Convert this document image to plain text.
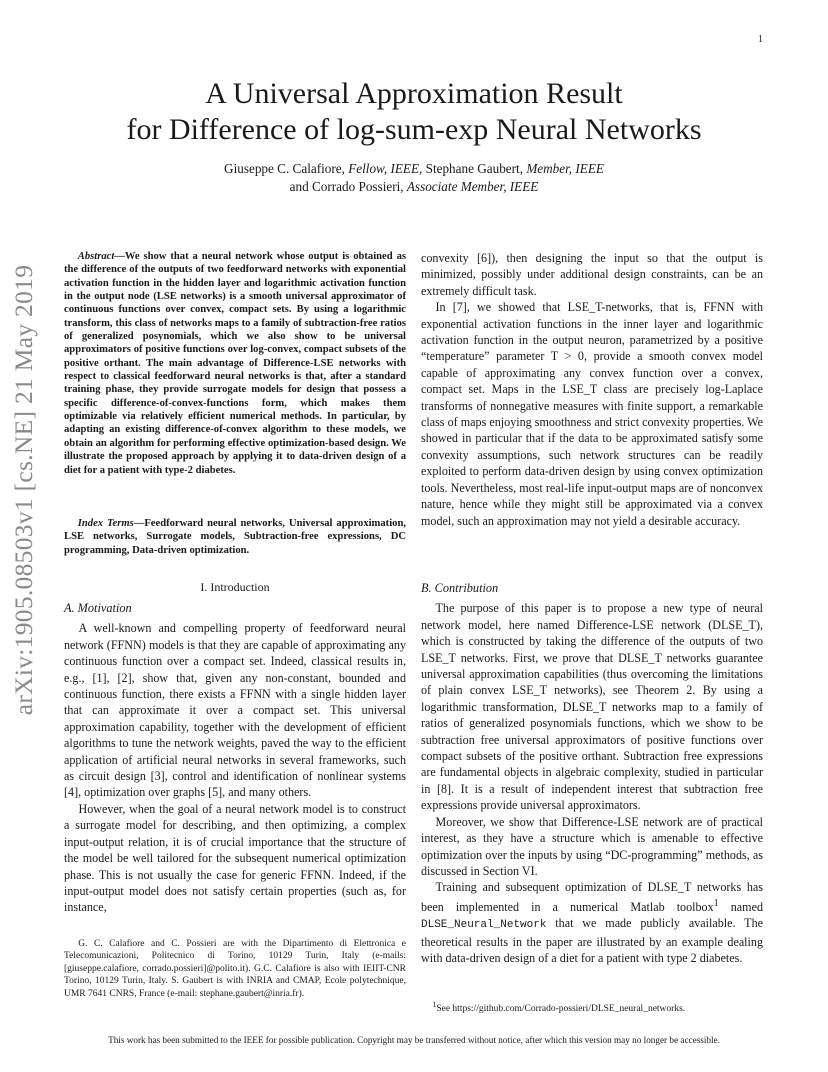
1
arXiv:1905.08503v1 [cs.NE] 21 May 2019
A Universal Approximation Result
for Difference of log-sum-exp Neural Networks
Giuseppe C. Calafiore, Fellow, IEEE, Stephane Gaubert, Member, IEEE
and Corrado Possieri, Associate Member, IEEE
Abstract—We show that a neural network whose output is obtained as the difference of the outputs of two feedforward networks with exponential activation function in the hidden layer and logarithmic activation function in the output node (LSE networks) is a smooth universal approximator of continuous functions over convex, compact sets. By using a logarithmic transform, this class of networks maps to a family of subtraction-free ratios of generalized posynomials, which we also show to be universal approximators of positive functions over log-convex, compact subsets of the positive orthant. The main advantage of Difference-LSE networks with respect to classical feedforward neural networks is that, after a standard training phase, they provide surrogate models for design that possess a specific difference-of-convex-functions form, which makes them optimizable via relatively efficient numerical methods. In particular, by adapting an existing difference-of-convex algorithm to these models, we obtain an algorithm for performing effective optimization-based design. We illustrate the proposed approach by applying it to data-driven design of a diet for a patient with type-2 diabetes.
Index Terms—Feedforward neural networks, Universal approximation, LSE networks, Surrogate models, Subtraction-free expressions, DC programming, Data-driven optimization.
I. Introduction
A. Motivation

A well-known and compelling property of feedforward neural network (FFNN) models is that they are capable of approximating any continuous function over a compact set. Indeed, classical results in, e.g., [1], [2], show that, given any non-constant, bounded and continuous function, there exists a FFNN with a single hidden layer that can approximate it over a compact set. This universal approximation capability, together with the development of efficient algorithms to tune the network weights, paved the way to the efficient application of artificial neural networks in several frameworks, such as circuit design [3], control and identification of nonlinear systems [4], optimization over graphs [5], and many others.

However, when the goal of a neural network model is to construct a surrogate model for describing, and then optimizing, a complex input-output relation, it is of crucial importance that the structure of the model be well tailored for the subsequent numerical optimization phase. This is not usually the case for generic FFNN. Indeed, if the input-output model does not satisfy certain properties (such as, for instance,

G. C. Calafiore and C. Possieri are with the Dipartimento di Elettronica e Telecomunicazioni, Politecnico di Torino, 10129 Turin, Italy (e-mails: [giuseppe.calafiore, corrado.possieri]@polito.it). G.C. Calafiore is also with IEIIT-CNR Torino, 10129 Turin, Italy. S. Gaubert is with INRIA and CMAP, Ecole polytechnique, UMR 7641 CNRS, France (e-mail: stephane.gaubert@inria.fr).

convexity [6]), then designing the input so that the output is minimized, possibly under additional design constraints, can be an extremely difficult task.

In [7], we showed that LSE_T-networks, that is, FFNN with exponential activation functions in the inner layer and logarithmic activation function in the output neuron, parametrized by a positive “temperature” parameter T > 0, provide a smooth convex model capable of approximating any convex function over a convex, compact set. Maps in the LSE_T class are precisely log-Laplace transforms of nonnegative measures with finite support, a remarkable class of maps enjoying smoothness and strict convexity properties. We showed in particular that if the data to be approximated satisfy some convexity assumptions, such network structures can be readily exploited to perform data-driven design by using convex optimization tools. Nevertheless, most real-life input-output maps are of nonconvex nature, hence while they might still be approximated via a convex model, such an approximation may not yield a desirable accuracy.

B. Contribution

The purpose of this paper is to propose a new type of neural network model, here named Difference-LSE network (DLSE_T), which is constructed by taking the difference of the outputs of two LSE_T networks. First, we prove that DLSE_T networks guarantee universal approximation capabilities (thus overcoming the limitations of plain convex LSE_T networks), see Theorem 2. By using a logarithmic transformation, DLSE_T networks map to a family of ratios of generalized posynomials functions, which we show to be subtraction free universal approximators of positive functions over compact subsets of the positive orthant. Subtraction free expressions are fundamental objects in algebraic complexity, studied in particular in [8]. It is a result of independent interest that subtraction free expressions provide universal approximators.

Moreover, we show that Difference-LSE network are of practical interest, as they have a structure which is amenable to effective optimization over the inputs by using “DC-programming” methods, as discussed in Section VI.

Training and subsequent optimization of DLSE_T networks has been implemented in a numerical Matlab toolbox$^1$ named DLSE_Neural_Network that we made publicly available. The theoretical results in the paper are illustrated by an example dealing with data-driven design of a diet for a patient with type 2 diabetes.

$^1$See https://github.com/Corrado-possieri/DLSE_neural_networks.
This work has been submitted to the IEEE for possible publication. Copyright may be transferred without notice, after which this version may no longer be accessible.
